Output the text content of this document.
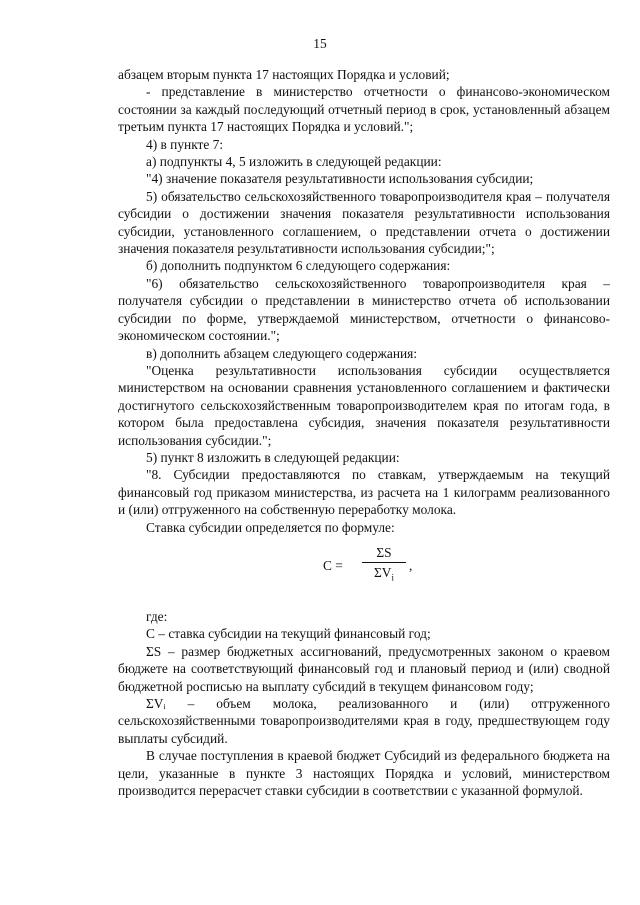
15

абзацем вторым пункта 17 настоящих Порядка и условий;

- представление в министерство отчетности о финансово-экономическом состоянии за каждый последующий отчетный период в срок, установленный абзацем третьим пункта 17 настоящих Порядка и условий.";

4) в пункте 7:

а) подпункты 4, 5 изложить в следующей редакции:

"4) значение показателя результативности использования субсидии;

5) обязательство сельскохозяйственного товаропроизводителя края – получателя субсидии о достижении значения показателя результативности использования субсидии, установленного соглашением, о представлении отчета о достижении значения показателя результативности использования субсидии;";

б) дополнить подпунктом 6 следующего содержания:

"6) обязательство сельскохозяйственного товаропроизводителя края – получателя субсидии о представлении в министерство отчета об использовании субсидии по форме, утверждаемой министерством, отчетности о финансово-экономическом состоянии.";

в) дополнить абзацем следующего содержания:

"Оценка результативности использования субсидии осуществляется министерством на основании сравнения установленного соглашением и фактически достигнутого сельскохозяйственным товаропроизводителем края по итогам года, в котором была предоставлена субсидия, значения показателя результативности использования субсидии.";

5) пункт 8 изложить в следующей редакции:

"8. Субсидии предоставляются по ставкам, утверждаемым на текущий финансовый год приказом министерства, из расчета на 1 килограмм реализованного и (или) отгруженного на собственную переработку молока.

Ставка субсидии определяется по формуле:

С =
ΣS
$\Sigma V_i$
,

где:

С – ставка субсидии на текущий финансовый год;

ΣS – размер бюджетных ассигнований, предусмотренных законом о краевом бюджете на соответствующий финансовый год и плановый период и (или) сводной бюджетной росписью на выплату субсидий в текущем финансовом году;

ΣVᵢ – объем молока, реализованного и (или) отгруженного сельскохозяйственными товаропроизводителями края в году, предшествующем году выплаты субсидий.

В случае поступления в краевой бюджет Субсидий из федерального бюджета на цели, указанные в пункте 3 настоящих Порядка и условий, министерством производится перерасчет ставки субсидии в соответствии с указанной формулой.
